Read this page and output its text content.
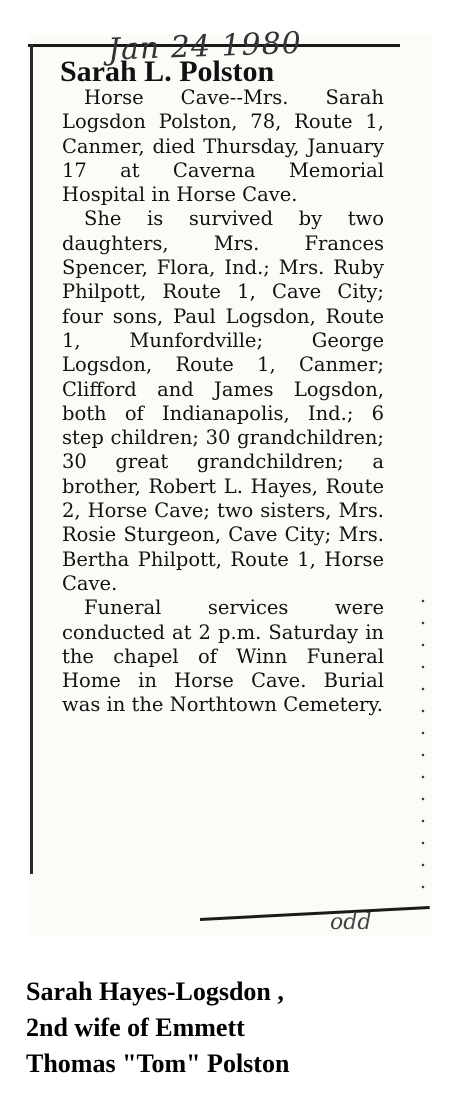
Jan 24 1980
Sarah L. Polston

Horse Cave--Mrs. Sarah Logsdon Polston, 78, Route 1, Canmer, died Thursday, January 17 at Caverna Memorial Hospital in Horse Cave.

She is survived by two daughters, Mrs. Frances Spencer, Flora, Ind.; Mrs. Ruby Philpott, Route 1, Cave City; four sons, Paul Logsdon, Route 1, Munfordville; George Logsdon, Route 1, Canmer; Clifford and James Logsdon, both of Indianapolis, Ind.; 6 step children; 30 grandchildren; 30 great grandchildren; a brother, Robert L. Hayes, Route 2, Horse Cave; two sisters, Mrs. Rosie Sturgeon, Cave City; Mrs. Bertha Philpott, Route 1, Horse Cave.

Funeral services were conducted at 2 p.m. Saturday in the chapel of Winn Funeral Home in Horse Cave. Burial was in the Northtown Cemetery.

odd
Sarah Hayes-Logsdon ,
2nd wife of Emmett
Thomas "Tom" Polston
